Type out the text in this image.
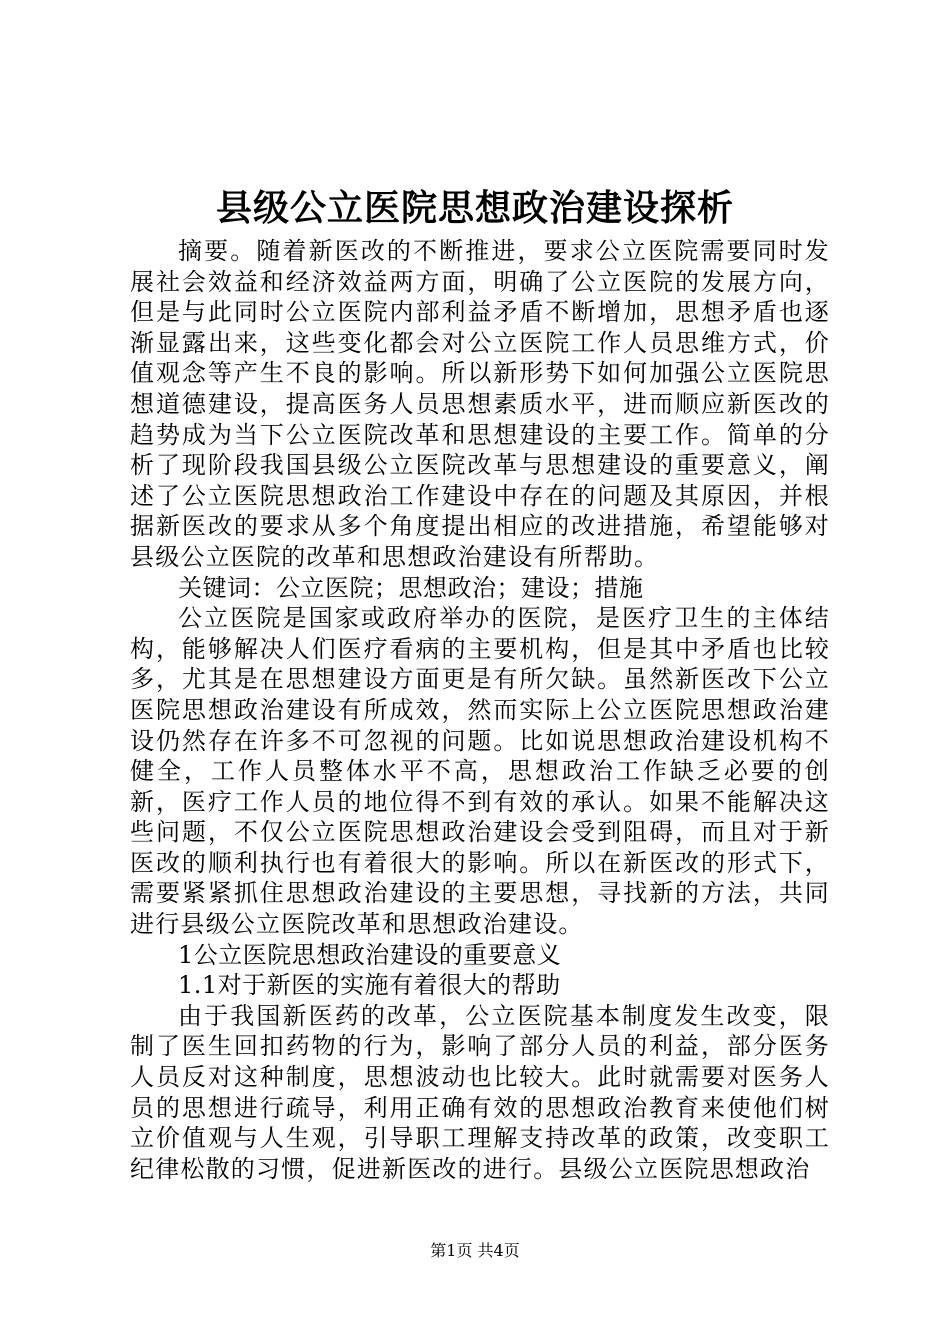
县级公立医院思想政治建设探析

摘要。随着新医改的不断推进，要求公立医院需要同时发展社会效益和经济效益两方面，明确了公立医院的发展方向，但是与此同时公立医院内部利益矛盾不断增加，思想矛盾也逐渐显露出来，这些变化都会对公立医院工作人员思维方式，价值观念等产生不良的影响。所以新形势下如何加强公立医院思想道德建设，提高医务人员思想素质水平，进而顺应新医改的趋势成为当下公立医院改革和思想建设的主要工作。简单的分析了现阶段我国县级公立医院改革与思想建设的重要意义，阐述了公立医院思想政治工作建设中存在的问题及其原因，并根据新医改的要求从多个角度提出相应的改进措施，希望能够对县级公立医院的改革和思想政治建设有所帮助。

关键词：公立医院；思想政治；建设；措施

公立医院是国家或政府举办的医院，是医疗卫生的主体结构，能够解决人们医疗看病的主要机构，但是其中矛盾也比较多，尤其是在思想建设方面更是有所欠缺。虽然新医改下公立医院思想政治建设有所成效，然而实际上公立医院思想政治建设仍然存在许多不可忽视的问题。比如说思想政治建设机构不健全，工作人员整体水平不高，思想政治工作缺乏必要的创新，医疗工作人员的地位得不到有效的承认。如果不能解决这些问题，不仅公立医院思想政治建设会受到阻碍，而且对于新医改的顺利执行也有着很大的影响。所以在新医改的形式下，需要紧紧抓住思想政治建设的主要思想，寻找新的方法，共同进行县级公立医院改革和思想政治建设。

1公立医院思想政治建设的重要意义

1.1对于新医的实施有着很大的帮助

由于我国新医药的改革，公立医院基本制度发生改变，限制了医生回扣药物的行为，影响了部分人员的利益，部分医务人员反对这种制度，思想波动也比较大。此时就需要对医务人员的思想进行疏导，利用正确有效的思想政治教育来使他们树立价值观与人生观，引导职工理解支持改革的政策，改变职工纪律松散的习惯，促进新医改的进行。县级公立医院思想政治

第1页 共4页
